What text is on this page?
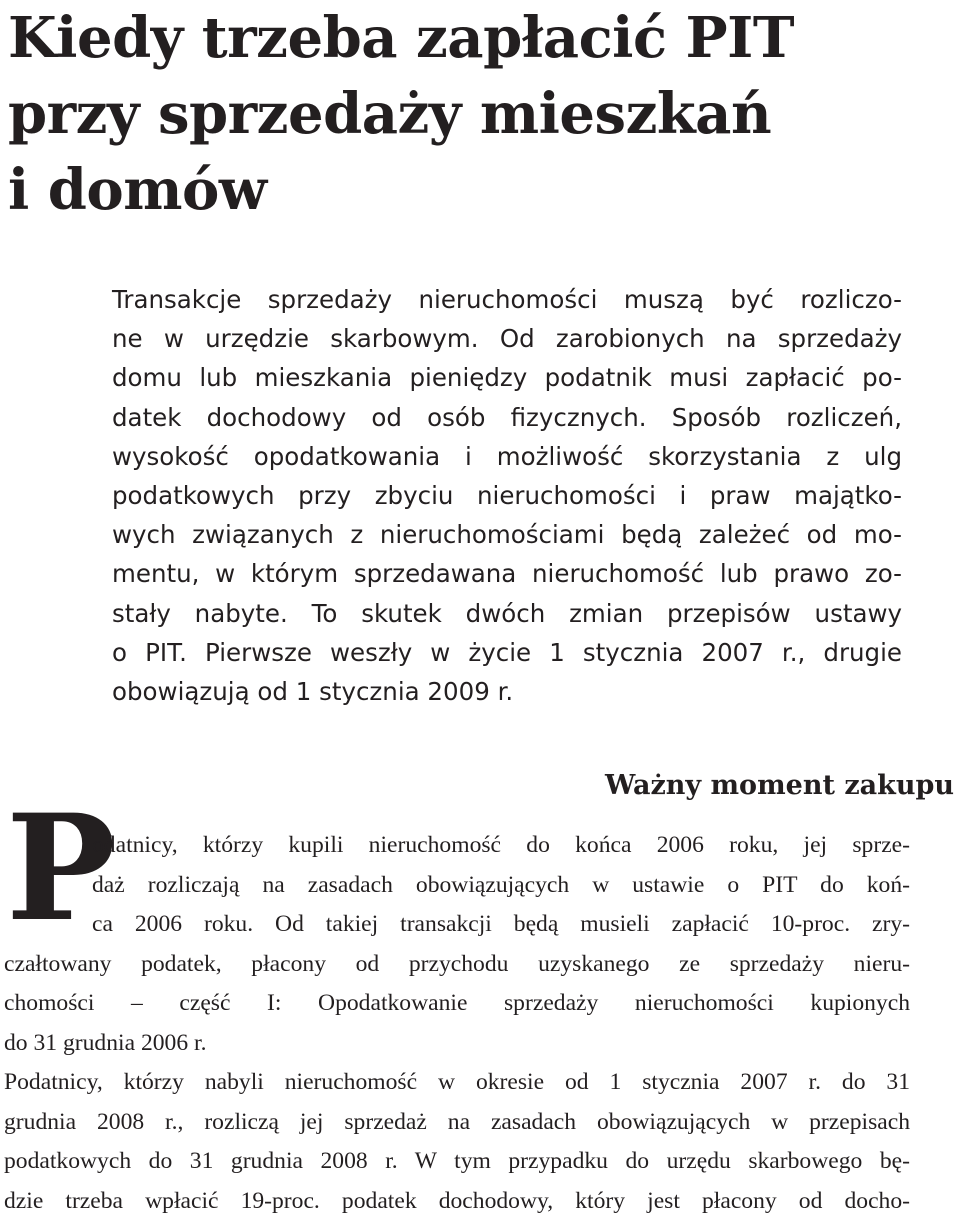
Kiedy trzeba zapłacić PIT
przy sprzedaży mieszkań
i domów
Transakcje sprzedaży nieruchomości muszą być rozliczo-
ne w urzędzie skarbowym. Od zarobionych na sprzedaży
domu lub mieszkania pieniędzy podatnik musi zapłacić po-
datek dochodowy od osób fizycznych. Sposób rozliczeń,
wysokość opodatkowania i możliwość skorzystania z ulg
podatkowych przy zbyciu nieruchomości i praw majątko-
wych związanych z nieruchomościami będą zależeć od mo-
mentu, w którym sprzedawana nieruchomość lub prawo zo-
stały nabyte. To skutek dwóch zmian przepisów ustawy
o PIT. Pierwsze weszły w życie 1 stycznia 2007 r., drugie
obowiązują od 1 stycznia 2009 r.
Ważny moment zakupu
P
odatnicy, którzy kupili nieruchomość do końca 2006 roku, jej sprze-
daż rozliczają na zasadach obowiązujących w ustawie o PIT do koń-
ca 2006 roku. Od takiej transakcji będą musieli zapłacić 10-proc. zry-
czałtowany podatek, płacony od przychodu uzyskanego ze sprzedaży nieru-
chomości – część I: Opodatkowanie sprzedaży nieruchomości kupionych
do 31 grudnia 2006 r.
Podatnicy, którzy nabyli nieruchomość w okresie od 1 stycznia 2007 r. do 31
grudnia 2008 r., rozliczą jej sprzedaż na zasadach obowiązujących w przepisach
podatkowych do 31 grudnia 2008 r. W tym przypadku do urzędu skarbowego bę-
dzie trzeba wpłacić 19-proc. podatek dochodowy, który jest płacony od docho-
